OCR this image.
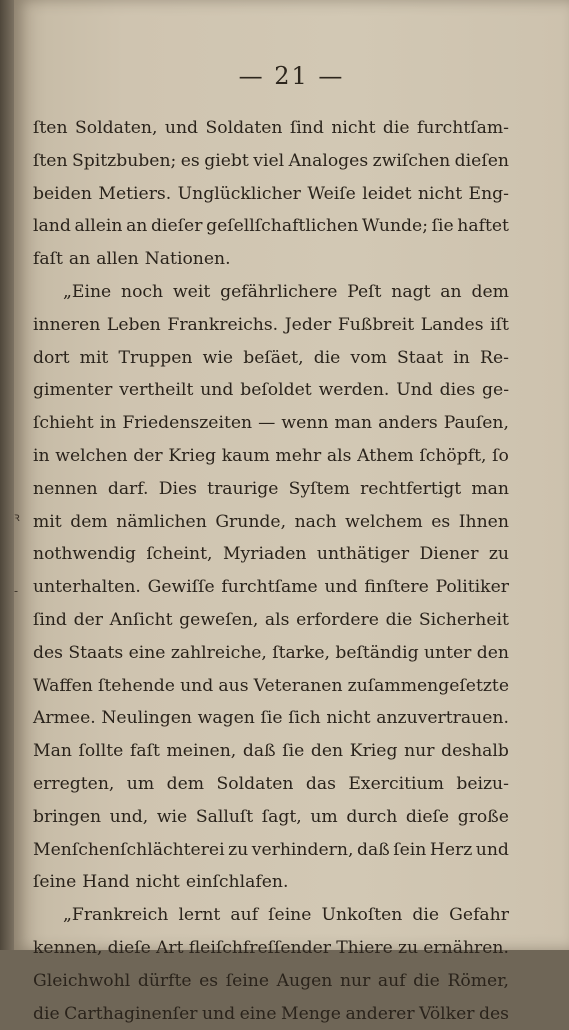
— 21 —
ſten Soldaten, und Soldaten ſind nicht die furchtſam-
ſten Spitzbuben; es giebt viel Analoges zwiſchen dieſen
beiden Metiers. Unglücklicher Weiſe leidet nicht Eng-
land allein an dieſer geſellſchaftlichen Wunde; ſie haftet
faſt an allen Nationen.
„Eine noch weit gefährlichere Peſt nagt an dem
inneren Leben Frankreichs. Jeder Fußbreit Landes iſt
dort mit Truppen wie beſäet, die vom Staat in Re-
gimenter vertheilt und beſoldet werden. Und dies ge-
ſchieht in Friedenszeiten — wenn man anders Pauſen,
in welchen der Krieg kaum mehr als Athem ſchöpft, ſo
nennen darf. Dies traurige Syſtem rechtfertigt man
mit dem nämlichen Grunde, nach welchem es Ihnen
nothwendig ſcheint, Myriaden unthätiger Diener zu
unterhalten. Gewiſſe furchtſame und finſtere Politiker
ſind der Anſicht geweſen, als erfordere die Sicherheit
des Staats eine zahlreiche, ſtarke, beſtändig unter den
Waffen ſtehende und aus Veteranen zuſammengeſetzte
Armee. Neulingen wagen ſie ſich nicht anzuvertrauen.
Man ſollte faſt meinen, daß ſie den Krieg nur deshalb
erregten, um dem Soldaten das Exercitium beizu-
bringen und, wie Salluſt ſagt, um durch dieſe große
Menſchenſchlächterei zu verhindern, daß ſein Herz und
ſeine Hand nicht einſchlafen.
„Frankreich lernt auf ſeine Unkoſten die Gefahr
kennen, dieſe Art fleiſchfreſſender Thiere zu ernähren.
Gleichwohl dürfte es ſeine Augen nur auf die Römer,
die Carthaginenſer und eine Menge anderer Völker des
ꝛ
-
